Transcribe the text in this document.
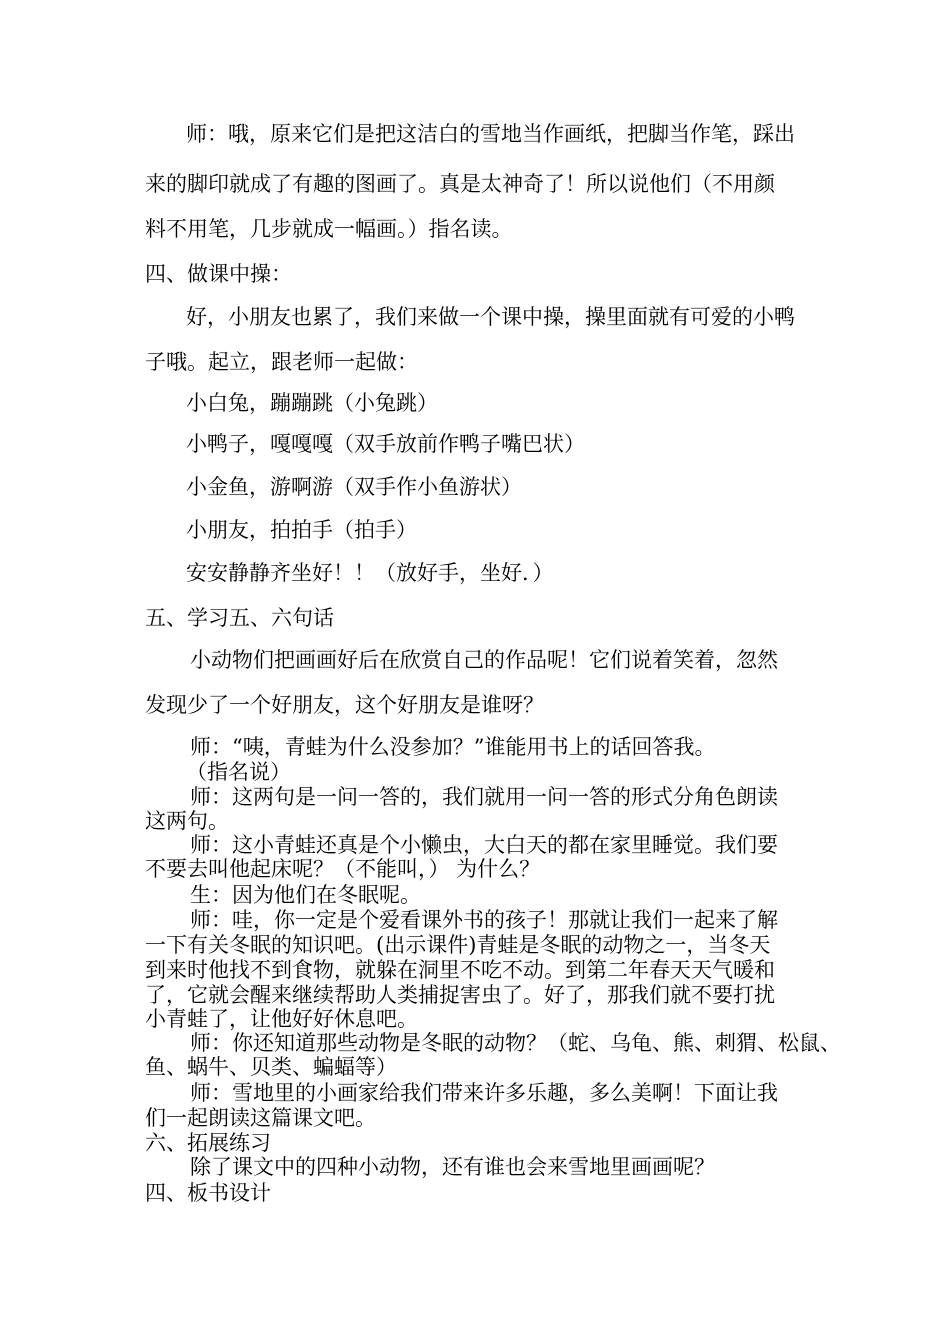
师：哦，原来它们是把这洁白的雪地当作画纸，把脚当作笔，踩出
来的脚印就成了有趣的图画了。真是太神奇了！所以说他们（不用颜
料不用笔，几步就成一幅画。）指名读。
四、做课中操：
好，小朋友也累了，我们来做一个课中操，操里面就有可爱的小鸭
子哦。起立，跟老师一起做：
小白兔，蹦蹦跳（小兔跳）
小鸭子，嘎嘎嘎（双手放前作鸭子嘴巴状）
小金鱼，游啊游（双手作小鱼游状）
小朋友，拍拍手（拍手）
安安静静齐坐好！！（放好手，坐好．）
五、学习五、六句话
小动物们把画画好后在欣赏自己的作品呢！它们说着笑着，忽然
发现少了一个好朋友，这个好朋友是谁呀？
师：“咦，青蛙为什么没参加？”谁能用书上的话回答我。
（指名说）
师：这两句是一问一答的，我们就用一问一答的形式分角色朗读
这两句。
师：这小青蛙还真是个小懒虫，大白天的都在家里睡觉。我们要
不要去叫他起床呢？（不能叫，） 为什么？
生：因为他们在冬眠呢。
师：哇，你一定是个爱看课外书的孩子！那就让我们一起来了解
一下有关冬眠的知识吧。(出示课件)青蛙是冬眠的动物之一，当冬天
到来时他找不到食物，就躲在洞里不吃不动。到第二年春天天气暖和
了，它就会醒来继续帮助人类捕捉害虫了。好了，那我们就不要打扰
小青蛙了，让他好好休息吧。
师：你还知道那些动物是冬眠的动物？（蛇、乌龟、熊、刺猬、松鼠、
鱼、蜗牛、贝类、蝙蝠等）
师：雪地里的小画家给我们带来许多乐趣，多么美啊！下面让我
们一起朗读这篇课文吧。
六、拓展练习
除了课文中的四种小动物，还有谁也会来雪地里画画呢？
四、板书设计
